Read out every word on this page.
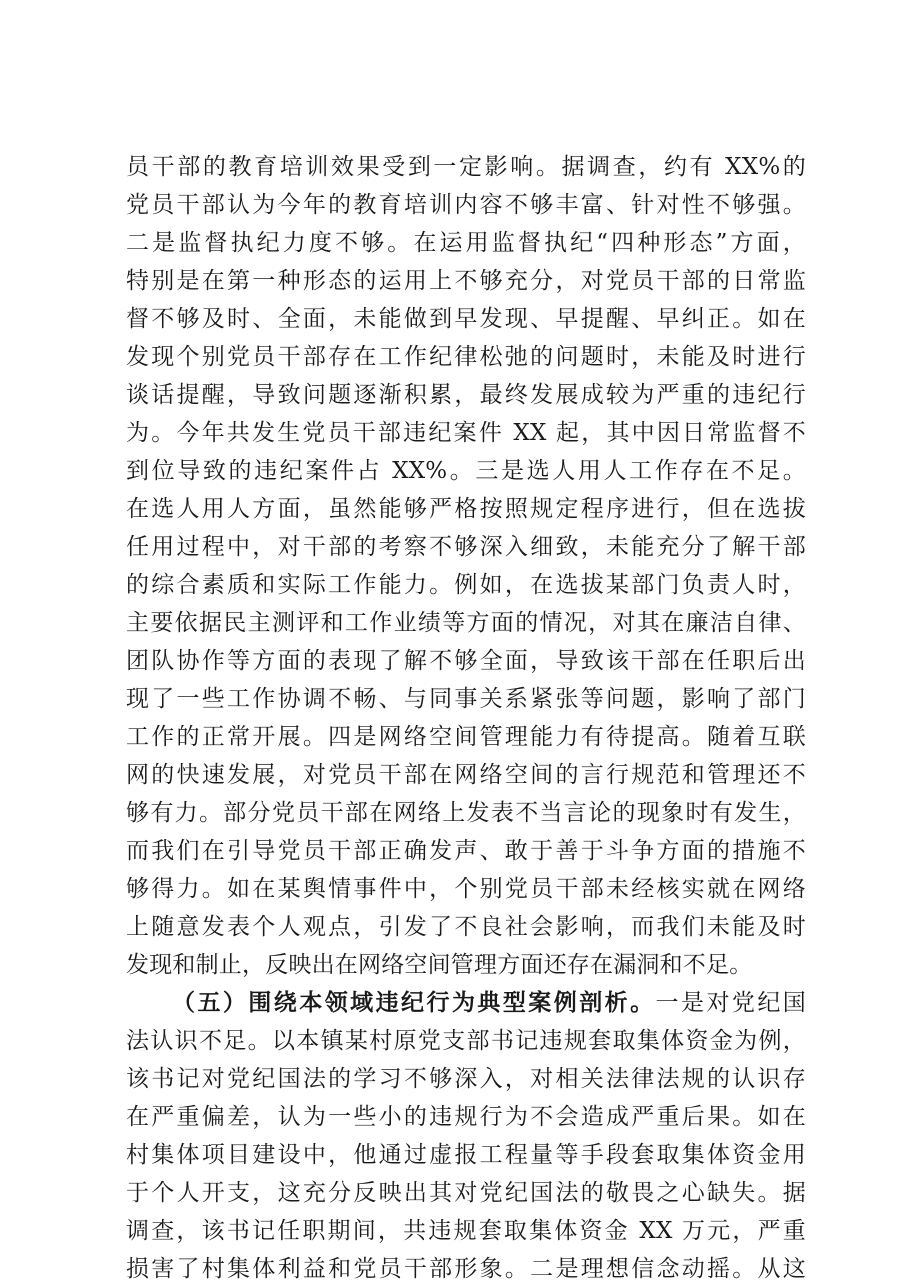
员干部的教育培训效果受到一定影响。据调查，约有 XX%的
党员干部认为今年的教育培训内容不够丰富、针对性不够强。
二是监督执纪力度不够。在运用监督执纪“四种形态”方面，
特别是在第一种形态的运用上不够充分，对党员干部的日常监
督不够及时、全面，未能做到早发现、早提醒、早纠正。如在
发现个别党员干部存在工作纪律松弛的问题时，未能及时进行
谈话提醒，导致问题逐渐积累，最终发展成较为严重的违纪行
为。今年共发生党员干部违纪案件 XX 起，其中因日常监督不
到位导致的违纪案件占 XX%。三是选人用人工作存在不足。
在选人用人方面，虽然能够严格按照规定程序进行，但在选拔
任用过程中，对干部的考察不够深入细致，未能充分了解干部
的综合素质和实际工作能力。例如，在选拔某部门负责人时，
主要依据民主测评和工作业绩等方面的情况，对其在廉洁自律、
团队协作等方面的表现了解不够全面，导致该干部在任职后出
现了一些工作协调不畅、与同事关系紧张等问题，影响了部门
工作的正常开展。四是网络空间管理能力有待提高。随着互联
网的快速发展，对党员干部在网络空间的言行规范和管理还不
够有力。部分党员干部在网络上发表不当言论的现象时有发生，
而我们在引导党员干部正确发声、敢于善于斗争方面的措施不
够得力。如在某舆情事件中，个别党员干部未经核实就在网络
上随意发表个人观点，引发了不良社会影响，而我们未能及时
发现和制止，反映出在网络空间管理方面还存在漏洞和不足。
（五）围绕本领域违纪行为典型案例剖析。一是对党纪国
法认识不足。以本镇某村原党支部书记违规套取集体资金为例，
该书记对党纪国法的学习不够深入，对相关法律法规的认识存
在严重偏差，认为一些小的违规行为不会造成严重后果。如在
村集体项目建设中，他通过虚报工程量等手段套取集体资金用
于个人开支，这充分反映出其对党纪国法的敬畏之心缺失。据
调查，该书记任职期间，共违规套取集体资金 XX 万元，严重
损害了村集体利益和党员干部形象。二是理想信念动摇。从这
